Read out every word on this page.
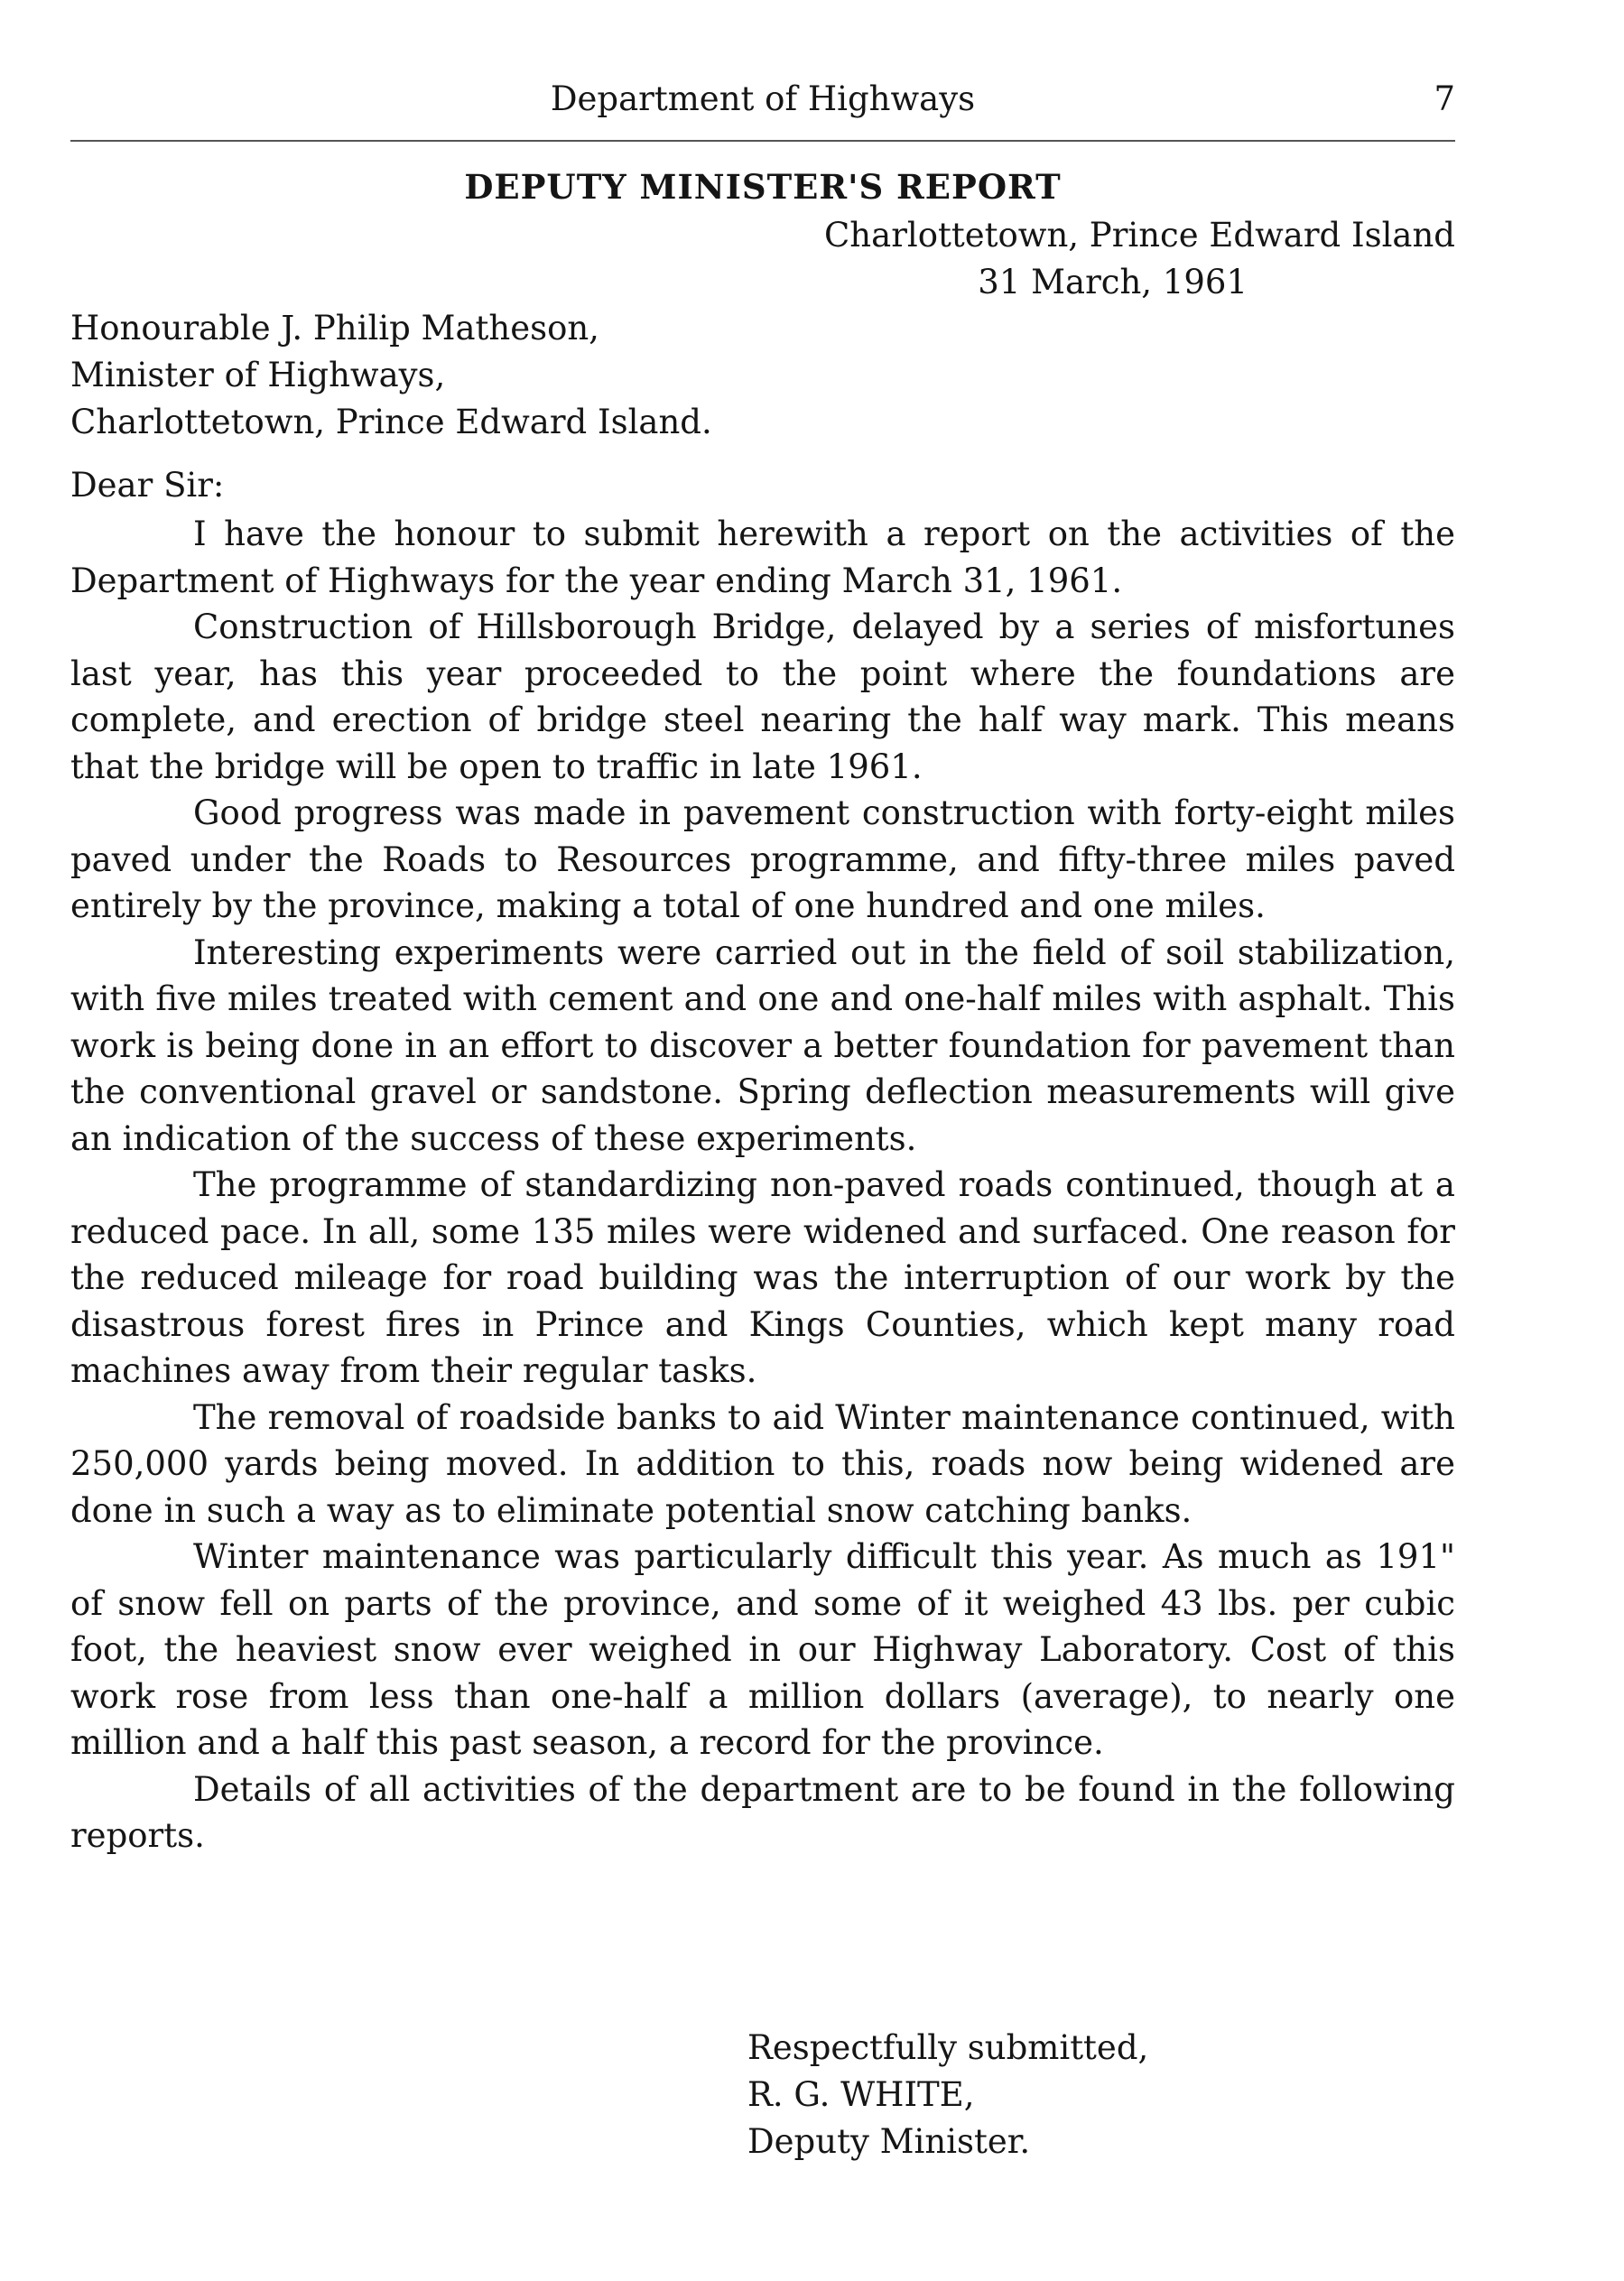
Department of Highways	7
DEPUTY MINISTER'S REPORT
Charlottetown, Prince Edward Island
31 March, 1961
Honourable J. Philip Matheson,
Minister of Highways,
Charlottetown, Prince Edward Island.
Dear Sir:

I have the honour to submit herewith a report on the activities of the Department of Highways for the year ending March 31, 1961.

Construction of Hillsborough Bridge, delayed by a series of misfortunes last year, has this year proceeded to the point where the foundations are complete, and erection of bridge steel nearing the half way mark. This means that the bridge will be open to traffic in late 1961.

Good progress was made in pavement construction with forty-eight miles paved under the Roads to Resources programme, and fifty-three miles paved entirely by the province, making a total of one hundred and one miles.

Interesting experiments were carried out in the field of soil stabilization, with five miles treated with cement and one and one-half miles with asphalt. This work is being done in an effort to discover a better foundation for pavement than the conventional gravel or sandstone. Spring deflection measurements will give an indication of the success of these experiments.

The programme of standardizing non-paved roads continued, though at a reduced pace. In all, some 135 miles were widened and surfaced. One reason for the reduced mileage for road building was the interruption of our work by the disastrous forest fires in Prince and Kings Counties, which kept many road machines away from their regular tasks.

The removal of roadside banks to aid Winter maintenance continued, with 250,000 yards being moved. In addition to this, roads now being widened are done in such a way as to eliminate potential snow catching banks.

Winter maintenance was particularly difficult this year. As much as 191" of snow fell on parts of the province, and some of it weighed 43 lbs. per cubic foot, the heaviest snow ever weighed in our Highway Laboratory. Cost of this work rose from less than one-half a million dollars (average), to nearly one million and a half this past season, a record for the province.

Details of all activities of the department are to be found in the following reports.

Respectfully submitted,
R. G. WHITE,
Deputy Minister.
